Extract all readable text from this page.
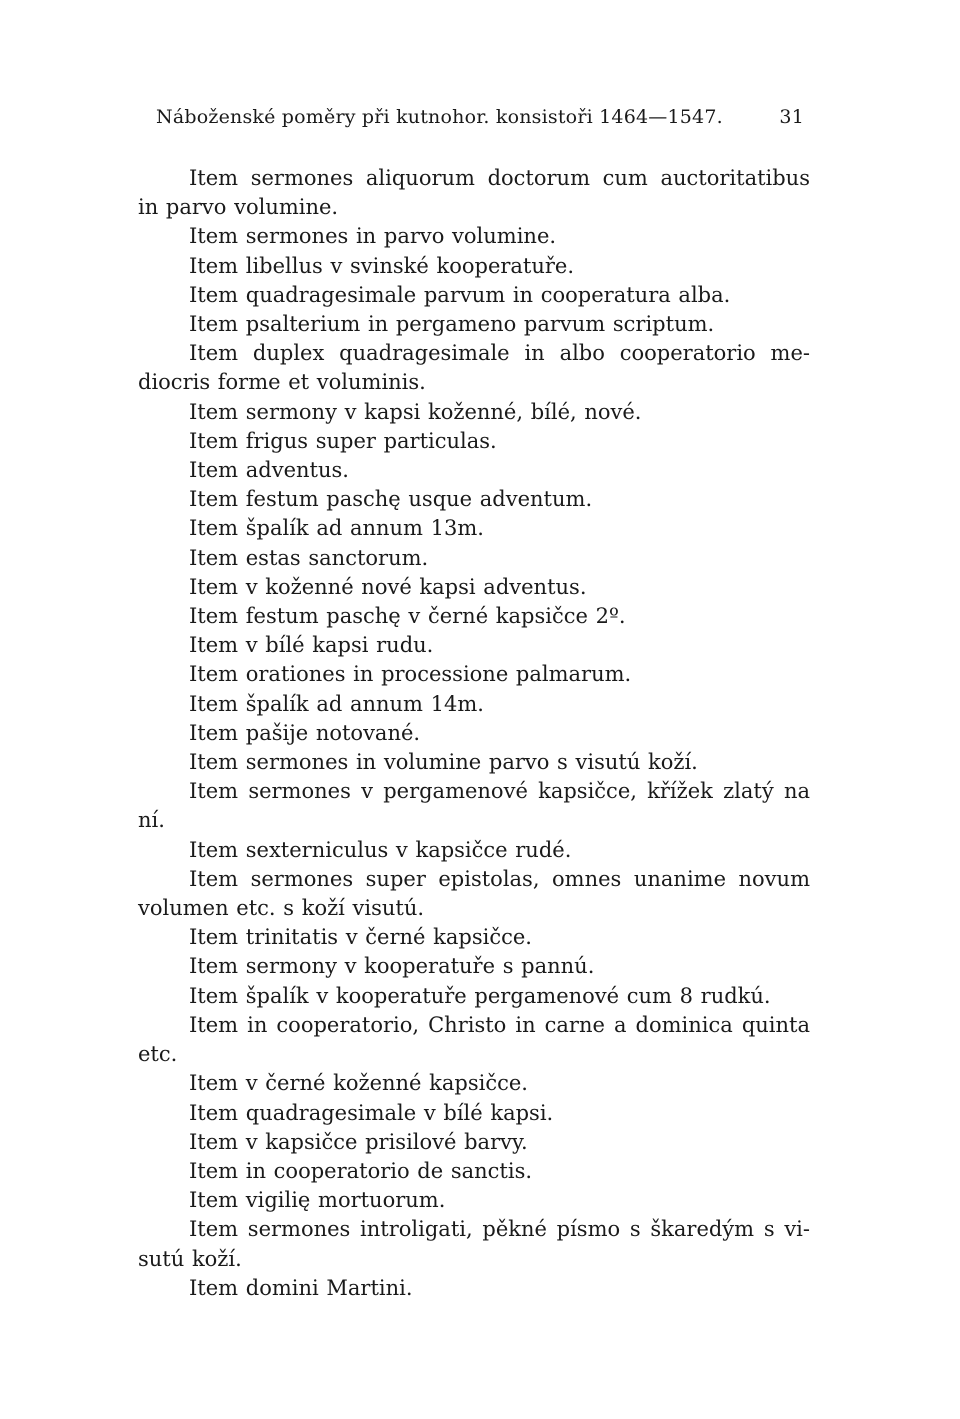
Náboženské poměry při kutnohor. konsistoři 1464—1547.	31

Item sermones aliquorum doctorum cum auctoritatibus in parvo volumine.

Item sermones in parvo volumine.

Item libellus v svinské kooperatuře.

Item quadragesimale parvum in cooperatura alba.

Item psalterium in pergameno parvum scriptum.

Item duplex quadragesimale in albo cooperatorio me- diocris forme et voluminis.

Item sermony v kapsi koženné, bílé, nové.

Item frigus super particulas.

Item adventus.

Item festum paschę usque adventum.

Item špalík ad annum 13m.

Item estas sanctorum.

Item v koženné nové kapsi adventus.

Item festum paschę v černé kapsičce 2º.

Item v bílé kapsi rudu.

Item orationes in processione palmarum.

Item špalík ad annum 14m.

Item pašije notované.

Item sermones in volumine parvo s visutú koží.

Item sermones v pergamenové kapsičce, křížek zlatý na ní.

Item sexterniculus v kapsičce rudé.

Item sermones super epistolas, omnes unanime novum volumen etc. s koží visutú.

Item trinitatis v černé kapsičce.

Item sermony v kooperatuře s pannú.

Item špalík v kooperatuře pergamenové cum 8 rudkú.

Item in cooperatorio, Christo in carne a dominica quinta etc.

Item v černé koženné kapsičce.

Item quadragesimale v bílé kapsi.

Item v kapsičce prisilové barvy.

Item in cooperatorio de sanctis.

Item vigilię mortuorum.

Item sermones introligati, pěkné písmo s škaredým s vi- sutú koží.

Item domini Martini.
